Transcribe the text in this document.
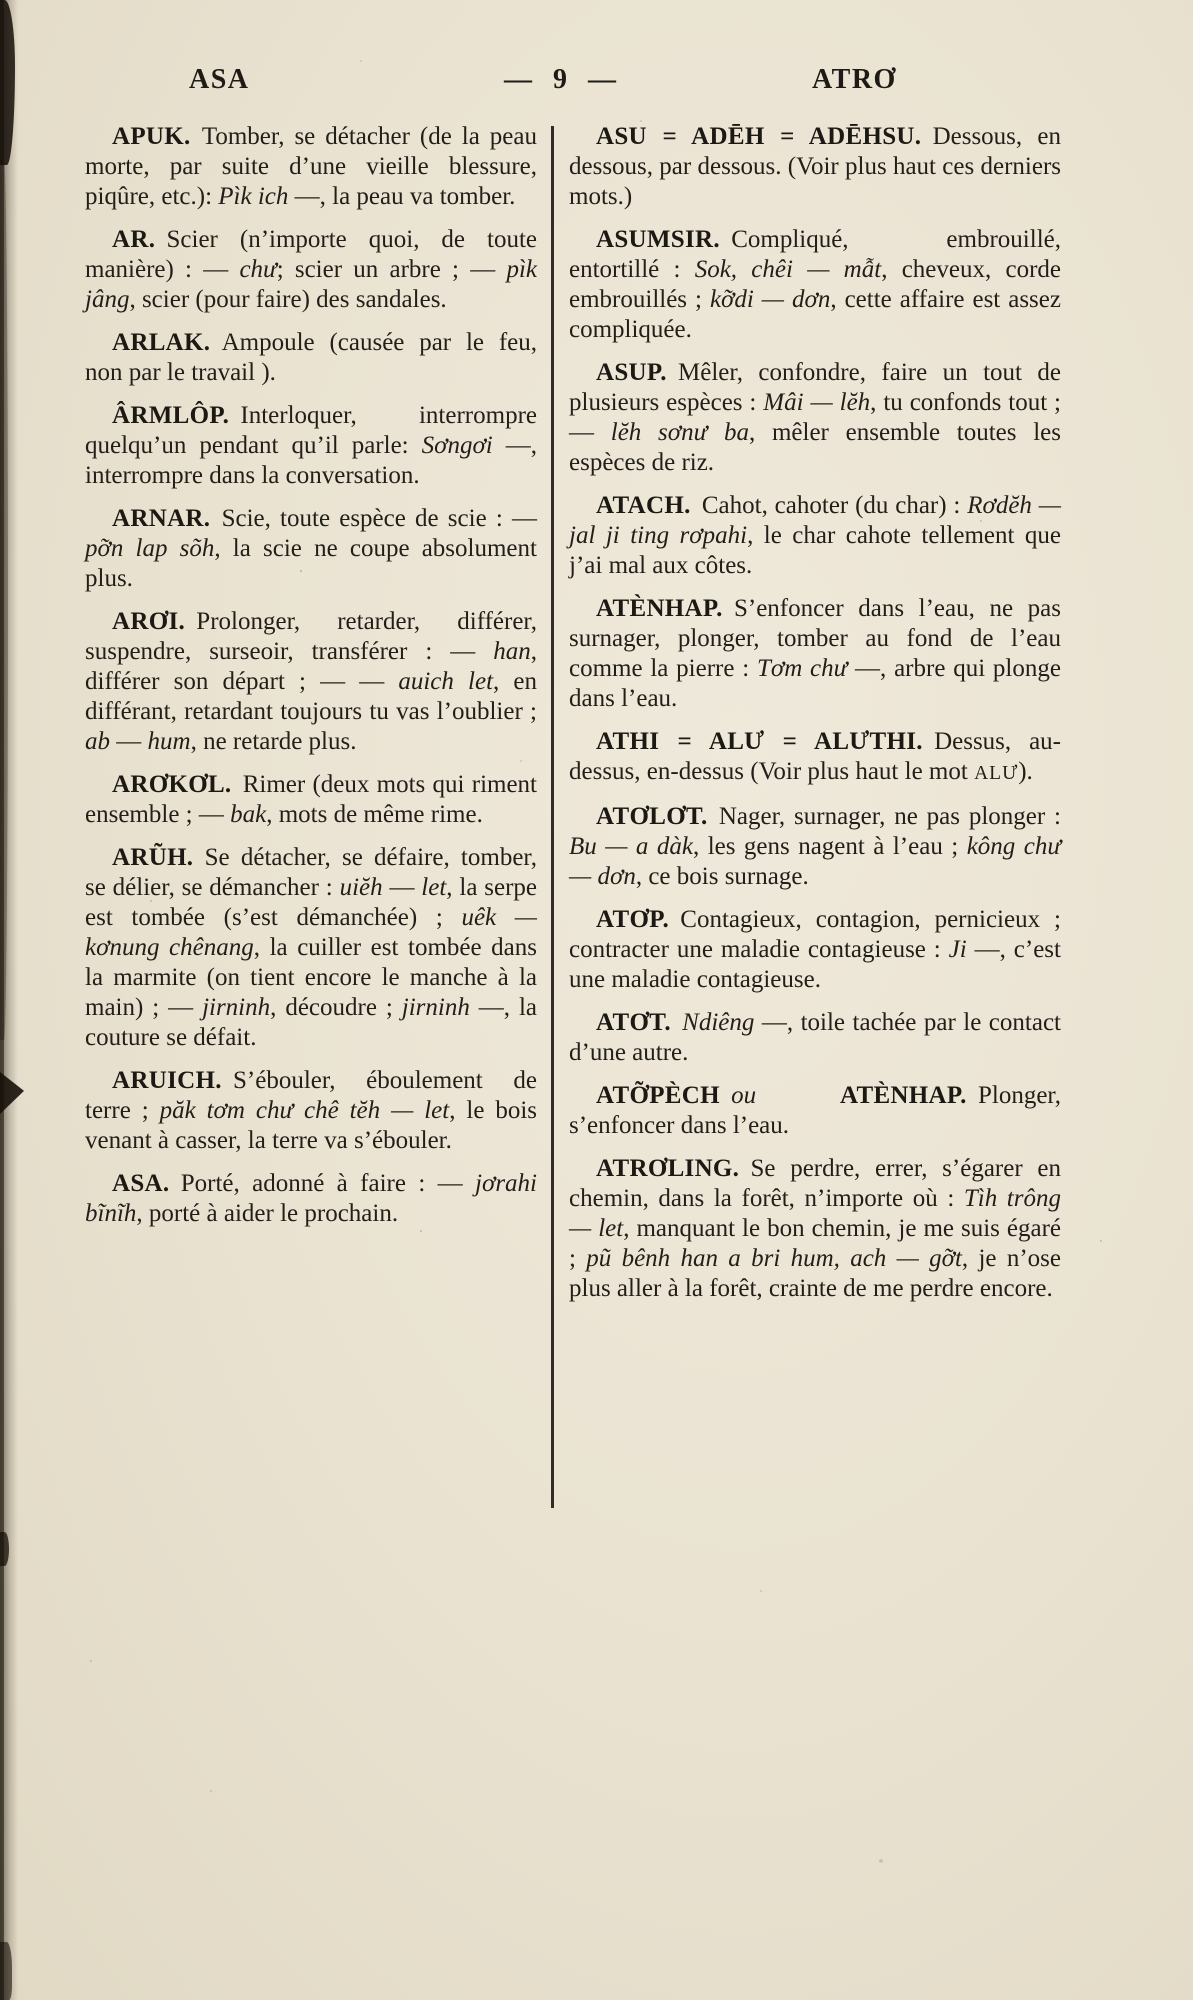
ASA	— 9 —	ATRƠ

APUK. Tomber, se détacher (de la peau morte, par suite d’une vieille blessure, piqûre, etc.): Pìk ich —, la peau va tomber.

AR. Scier (n’importe quoi, de toute manière) : — chư; scier un arbre ; — pìk jâng, scier (pour faire) des sandales.

ARLAK. Ampoule (causée par le feu, non par le travail ).

ÂRMLÔP. Interloquer, interrompre quelqu’un pendant qu’il parle: Sơngơi —, interrompre dans la conversation.

ARNAR. Scie, toute espèce de scie : — pỡn lap sõh, la scie ne coupe absolument plus.

ARƠI. Prolonger, retarder, différer, suspendre, surseoir, transférer : — han, différer son départ ; — — auich let, en différant, retardant toujours tu vas l’oublier ; ab — hum, ne retarde plus.

ARƠKƠL. Rimer (deux mots qui riment ensemble ; — bak, mots de même rime.

ARŨH. Se détacher, se défaire, tomber, se délier, se démancher : uiĕh — let, la serpe est tombée (s’est démanchée) ; uêk — kơnung chênang, la cuiller est tombée dans la marmite (on tient encore le manche à la main) ; — jirninh, découdre ; jirninh —, la couture se défait.

ARUICH. S’ébouler, éboulement de terre ; păk tơm chư chê tĕh — let, le bois venant à casser, la terre va s’ébouler.

ASA. Porté, adonné à faire : — jơrahi bĩnĩh, porté à aider le prochain.

ASU = ADĒH = ADĒHSU. Dessous, en dessous, par dessous. (Voir plus haut ces derniers mots.)

ASUMSIR. Compliqué, embrouillé, entortillé : Sok, chêi — mẫt, cheveux, corde embrouillés ; kỡdi — dơn, cette affaire est assez compliquée.

ASUP. Mêler, confondre, faire un tout de plusieurs espèces : Mâi — lĕh, tu confonds tout ; — lĕh sơnư ba, mêler ensemble toutes les espèces de riz.

ATACH. Cahot, cahoter (du char) : Rơdĕh — jal ji ting rơpahi, le char cahote tellement que j’ai mal aux côtes.

ATÈNHAP. S’enfoncer dans l’eau, ne pas surnager, plonger, tomber au fond de l’eau comme la pierre : Tơm chư —, arbre qui plonge dans l’eau.

ATHI = ALƯ = ALƯTHI. Dessus, au-dessus, en-dessus (Voir plus haut le mot ALƯ).

ATƠLƠT. Nager, surnager, ne pas plonger : Bu — a dàk, les gens nagent à l’eau ; kông chư — dơn, ce bois surnage.

ATƠP. Contagieux, contagion, pernicieux ; contracter une maladie contagieuse : Ji —, c’est une maladie contagieuse.

ATƠT. Ndiêng —, toile tachée par le contact d’une autre.

ATỠPÈCH ou ATÈNHAP. Plonger, s’enfoncer dans l’eau.

ATRƠLING. Se perdre, errer, s’égarer en chemin, dans la forêt, n’importe où : Tìh trông — let, manquant le bon chemin, je me suis égaré ; pũ bênh han a bri hum, ach — gỡt, je n’ose plus aller à la forêt, crainte de me perdre encore.
